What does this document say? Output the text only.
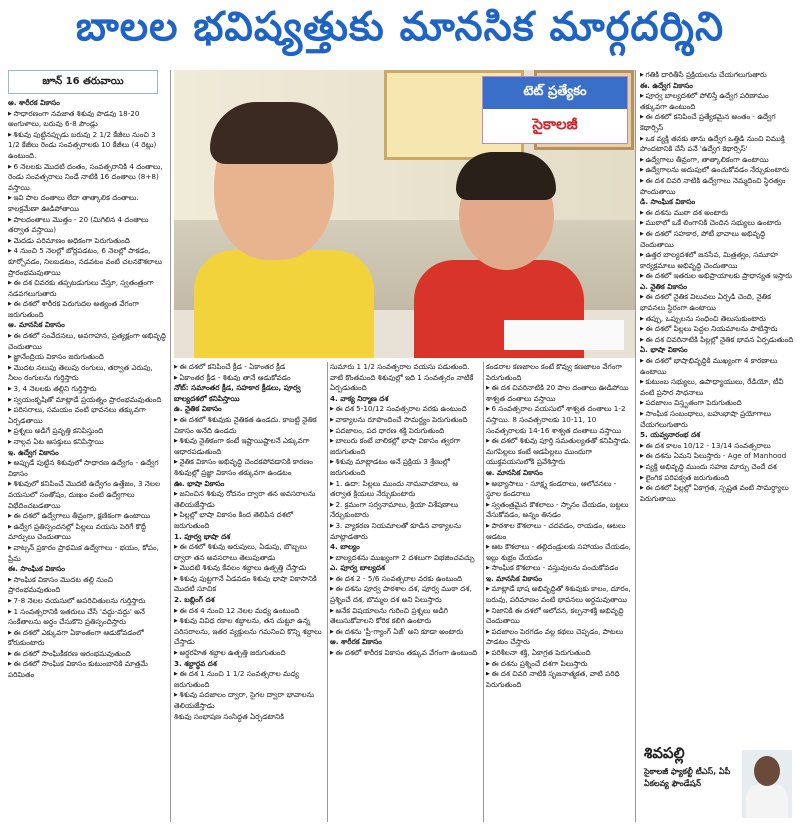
బాలల భవిష్యత్తుకు మానసిక మార్గదర్శిని
జూన్ 16 తరువాయి

అ. శారీరక వికాసం

▶ సాధారణంగా నవజాత శిశువు పొడవు 18-20 అంగుళాలు, బరువు 6-8 పౌండ్లు

▶ శిశువు పుట్టినప్పుడు బరువు 2 1/2 కేజీలు నుంచి 3 1/2 కేజీలు రెండు సంవత్సరాలకు 10 కేజీలు (4 రెట్లు) ఉంటుంది.

▶ 6 నెలలకు మొదటి దంతం, సంవత్సరానికి 4 దంతాలు, రెండు సంవత్సరాలు నిండే నాటికి 16 దంతాలు (8+8) వస్తాయి

▶ ఇవి పాల దంతాలు లేదా తాత్కాలిక దంతాలు. కాలక్రమేణా ఊడిపోతాయి

▶ పాలదంతాలు మొత్తం - 20 (మిగిలిన 4 దంతాలు తర్వాత వస్తాయి)

▶ మెదడు పరిమాణం అధికంగా పెరుగుతుంది

▶ 4 నుంచి 5 నెలల్లో బోర్లపడటం, 6 నెలల్లో పాకడం, కూర్చోవడం, నిలబడటం, నడవటం వంటి చలనకౌశలాలు ప్రారంభమవుతాయి

▶ ఈ దశ చివరకు తప్పటడుగులు వేస్తూ, స్వతంత్రంగా నడవగలుగుతారు

▶ ఈ దశలో శారీరక పెరుగుదల అత్యంత వేగంగా జరుగుతుంది

ఆ. మానసిక వికాసం

▶ ఈ దశలో సంవేదనలు, అవగాహన, ప్రత్యక్షంగా అభివృద్ధి చెందుతాయి

▶ జ్ఞానేంద్రియ వికాసం జరుగుతుంది

▶ మొదట నలుపు తెలుపు రంగులు, తర్వాత ఎరుపు, నీలం రంగులను గుర్తిస్తారు

▶ 3, 4 నెలలకు తల్లిని గుర్తిస్తారు

▶ స్వయంకృషితో మాట్లాడే ప్రయత్నం ప్రారంభమవుతుంది

▶ పరిసరాలు, సమయం వంటి భావనలు తక్కువగా ఏర్పడతాయి

▶ ప్రశ్నలు అడిగే ప్రవృత్తి కనిపిస్తుంది

▶ నాల్గవ ఏట ఆసక్తులు కనిపిస్తాయి

ఇ. ఉద్వేగ వికాసం

▶ అప్పుడే పుట్టిన శిశువులో సాధారణ ఉద్వేగం - ఉద్వేగ వికాసం

▶ శిశువులో కనిపించే మొదటి ఉద్వేగం ఉత్తేజం, 3 నెలల వయసులో సంతోషం, దుఃఖం వంటి ఉద్వేగాలు విభేదించబడతాయి

▶ ఈ దశలో ఉద్వేగాలు తీవ్రంగా, క్షణికంగా ఉంటాయి

▶ ఉద్వేగ ప్రతిస్పందనల్లో పిల్లలు వయసు పెరిగే కొద్దీ మార్పులు చెందుతాయి

▶ వాట్సన్ ప్రకారం ప్రాథమిక ఉద్వేగాలు - భయం, కోపం, ప్రేమ

ఈ. సాంఘిక వికాసం

▶ సాంఘిక వికాసం మొదట తల్లి నుంచి ప్రారంభమవుతుంది

▶ 7-8 నెలల వయసులో అపరిచితులను గుర్తిస్తారు

▶ 1 సంవత్సరానికి ఇతరులు చేసే 'వద్దు-వద్దు' అనే సంకేతాలను అర్థం చేసుకొని ప్రతిస్పందిస్తారు

▶ ఈ దశలో ఎక్కువగా ఏకాంతంగా ఆడుకోవడంలో కోరుకుంటారు

▶ ఈ దశలో సాంఘికీకరణ ఆరంభమవుతుంది

▶ ఈ దశలో సాంఘిక వికాసం కుటుంబానికి మాత్రమే పరిమితం

టెట్ ప్రత్యేకం
సైకాలజీ

▶ ఈ దశలో కనిపించే క్రీడ - ఏకాంతర క్రీడ

▶ ఏకాంతర క్రీడ - శిశువు తానే ఆడుకోవడం

నోట్: సమాంతర క్రీడ, సహకార క్రీడలు, పూర్వ బాల్యదశలో కనిపిస్తాయి

ఉ. నైతిక వికాసం

▶ ఈ దశలో శిశువుకు నైతికత ఉండదు. కాబట్టి నైతిక వికాసం అనేది ఉండదు

▶ శిశువు నైతికంగా కంటే ఇష్టాయిష్టాలనే ఎక్కువగా ఆధారపడుతుంది

▶ నైతిక వికాసం అభివృద్ధి చెందకపోవడానికి కారణం శిశువుల్లో ప్రజ్ఞా వికాసం తక్కువగా ఉండటం

ఊ. భాషా వికాసం

▶ జనించిన శిశువు రోదనం ద్వారా తన అవసరాలను తెలియజేస్తాడు

▶ పిల్లల్లో భాషా వికాసం కింద తెలిపిన దశలో జరుగుతుంది

1. పూర్వ భాషా దశ

▶ ఈ దశలో శిశువు అరుపులు, ఏడుపు, బొబ్బలు ద్వారా తన అవసరాలు తెలుపుతాడు

▶ మొదటి శిశువు కేవలం శబ్దాలు ఉత్పత్తి చేస్తాడు

▶ శిశువు పుట్టగానే ఏడవడం శిశువు భాషా వికాసానికి మొదటి సూచిక

2. బబ్లింగ్ దశ

▶ ఈ దశ 4 నుంచి 12 నెలల మధ్య ఉంటుంది

▶ శిశువు వివిధ రకాల శబ్దాలను, తన చుట్టూ ఉన్న పరిసరాలను, ఇతర వ్యక్తులను గమనించి కొన్ని శబ్దాలు చేస్తాడు

▶ అర్థరహిత శబ్దాల ఉత్పత్తి జరుగుతుంది

3. శబ్దార్థవ దశ

▶ ఈ దశ 1 నుంచి 1 1/2 సంవత్సరాల మధ్య జరుగుతుంది

▶ శిశువు పదజాలం ద్వారా, సైగల ద్వారా భావాలను తెలియజేస్తాడు

శిశువు సంభాషణ సంసిద్ధత ఏర్పడటానికి

సుమారు 1 1/2 సంవత్సరాల వయసు పడుతుంది. వాటి కొంతమంది శిశువుల్లో ఇది 1 సంవత్సరం నాటికే ఏర్పడుతుంది

4. వాక్య నిర్మాణ దశ

▶ ఈ దశ 5-10/12 సంవత్సరాల వరకు ఉంటుంది

▶ వాక్యాలను రూపొందించే సామర్థ్యం పెరుగుతుంది

▶ పదజాలం, పద ధారణ శక్తి పెరుగుతుంది

▶ బాలురు కంటే బాలికల్లో భాషా వికాసం త్వరగా జరుగుతుంది

▶ శిశువు మాట్లాడటం అనే ప్రక్రియ 3 శ్రేణుల్లో జరుగుతుంది

▶ 1. ఉదా: పిల్లలు ముందు నామవాచకాలు, ఆ తర్వాత క్రియలు నేర్చుకుంటారు

▶ 2. క్రమంగా సర్వనామాలు, క్రియా విశేషణాలు నేర్చుకుంటారు

▶ 3. వ్యాకరణ నియమాలతో కూడిన వాక్యాలను మాట్లాడతారు

4. బాల్యం

▶ బాల్యదశను ముఖ్యంగా 2 దశలుగా విభజించవచ్చు

ఎ. పూర్వ బాల్యదశ

▶ ఈ దశ 2 - 5/6 సంవత్సరాల వరకు ఉంటుంది

▶ ఈ దశను పూర్వ పాఠశాల దశ, పూర్వ ముఠా దశ, ప్రశ్నించే దశ, బొమ్మల దశ అని పిలుస్తారు

▶ అనేక విషయాలను గురించి ప్రశ్నలు అడిగి తెలుసుకోవాలని కోరిక కలిగి ఉంటారు

▶ ఈ దశను 'ప్రీ-గ్యాంగ్ ఏజ్' అని కూడా అంటారు

అ. శారీరక వికాసం

▶ ఈ దశలో శారీరక వికాసం తక్కువ వేగంగా ఉంటుంది

కండరాల కణజాలం కంటే కొవ్వు కణజాలం వేగంగా పెరుగుతుంది

▶ ఈ దశ చివరినాటికి 20 పాల దంతాలు ఊడిపోయి శాశ్వత దంతాలు వస్తాయి

▶ 6 సంవత్సరాల వయసులో శాశ్వత దంతాలు 1-2 వస్తాయి. 8 సంవత్సరాలకు 10-11, 10 సంవత్సరాలకు 14-16 శాశ్వత దంతాలు వస్తాయి

▶ ఈ దశలో శిశువు పూర్తి సమతుల్యతతో కనిపిస్తాడు. మగపిల్లలు కంటే ఆడపిల్లలు ముందుగా యుక్తవయసులోకి ప్రవేశిస్తారు

ఆ. మానసిక వికాసం

▶ అభ్యాసాలు - సూక్ష్మ కండరాలు, ఆలోచనలు - స్థూల కండరాలు

▶ స్వతంత్రమైన కౌశలాలు - స్నానం చేయడం, బట్టలు వేసుకోవడం, అన్నం తినడం

▶ పాఠశాల కౌశలాలు - చదవడం, రాయడం, ఆటలు ఆడటం

▶ ఆట కౌశలాలు - తల్లిదండ్రులకు సహాయం చేయడం, ఇల్లు శుభ్రం చేయడం

▶ సాంఘిక కౌశలాలు - వస్తువులను పంచుకోవడం

ఇ. మానసిక వికాసం

▶ మాట్లాడే భాష అభివృద్ధితో శిశువుకు కాలం, దూరం, బరువు, పరిమాణం వంటి భావనలు అర్థమవుతాయి

▶ నిజానికి ఈ దశలో ఆలోచన, కల్పనాశక్తి అభివృద్ధి చెందుతాయి

▶ పదజాలం పెరగడం వల్ల కథలు చెప్పడం, పాటలు పాడటం చేస్తారు

▶ పరిశీలనా శక్తి, ఏకాగ్రత పెరుగుతుంది

▶ ఈ దశను ప్రశ్నించే దశగా పిలుస్తారు

▶ ఈ దశ చివరి నాటికి సృజనాత్మకత, వాటి పరిధి పెరుగుతుంది

▶ గతికి దారితీసే ప్రక్రియలను చేయగలుగుతారు

ఈ. ఉద్వేగ వికాసం

▶ పూర్వ బాల్యదశలో పోలిస్తే ఉద్వేగ పరిణామం తక్కువగా ఉంటుంది

▶ ఈ దశలో కనిపించే ప్రత్యేకమైన అంతం - ఉద్వేగ కెథార్సిస్

▶ ఒక వ్యక్తి తనకు తాను ఉద్వేగ ఒత్తిడి నుంచి విముక్తి పొందటానికి చేసే పనే 'ఉద్వేగ కెథార్సిస్'

▶ ఉద్వేగాలు తీవ్రంగా, తాత్కాలికంగా ఉంటాయి

▶ ఉద్వేగాలను అదుపులో ఉంచుకోవడం నేర్చుకుంటారు

▶ ఈ దశ చివరి నాటికి ఉద్వేగాలు నెమ్మదించి స్థిరత్వం పొందుతాయి

డి. సాంఘిక వికాసం

▶ ఈ దశను ముఠా దశ అంటారు

▶ ముఠాలో ఒకే లింగానికి చెందిన సభ్యులు ఉంటారు

▶ ఈ దశలో సహకార, పోటీ భావాలు అభివృద్ధి చెందుతాయి

▶ ఉత్తర బాల్యదశలో జనసేవ, మిత్రత్వం, సమూహ కార్యక్రమాలు అభివృద్ధి చెందుతాయి

▶ ఈ దశలో ఇతరుల అభిప్రాయాలకు ప్రాధాన్యత ఇస్తారు

ఎ. నైతిక వికాసం

▶ ఈ దశలో నైతిక విలువలు ఏర్పడి చెంది, నైతిక భావనలు స్థిరంగా ఉంటాయి

▶ తప్పు, ఒప్పులను సంధించి తెలుసుకుంటారు

▶ ఈ దశలో పిల్లలు పెద్దల నియమాలను పాటిస్తారు

▶ ఈ దశ చివరినాటికి పిల్లల్లో నైతిక భావన ఏర్పడుతుంది

ఏ. భాషా వికాసం

▶ ఈ దశలో భాషాభివృద్ధికి ముఖ్యంగా 4 కారణాలు ఉంటాయి

▶ కుటుంబ సభ్యులు, ఉపాధ్యాయులు, రేడియో, టీవీ వంటి ప్రసార సాధనాలు

▶ పదజాలం విస్తృతంగా పెరుగుతుంది

▶ సాంఘిక సంబంధాలు, బహుభాషా ప్రయోగాలు చేయగలుగుతారు

5. యవ్వనారంభ దశ

▶ ఈ దశ కాలం 10/12 - 13/14 సంవత్సరాలు

▶ ఈ దశను ఏమని పిలుస్తారు - Age of Manhood

▶ వ్యక్తి అభివృద్ధి ముందు సహజ మార్పు చెందే దశ

▶ లైంగిక పరిపక్వత జరుగుతుంది

▶ ఈ దశలో పిల్లల్లో ఏకాగ్రత, స్పష్టత వంటి సామర్థ్యాలు పెరుగుతాయి

శివపల్లి
సైకాలజీ ఫ్యాకల్టీ టీఎస్, ఏపీ ఏకలవ్య ఫౌండేషన్
